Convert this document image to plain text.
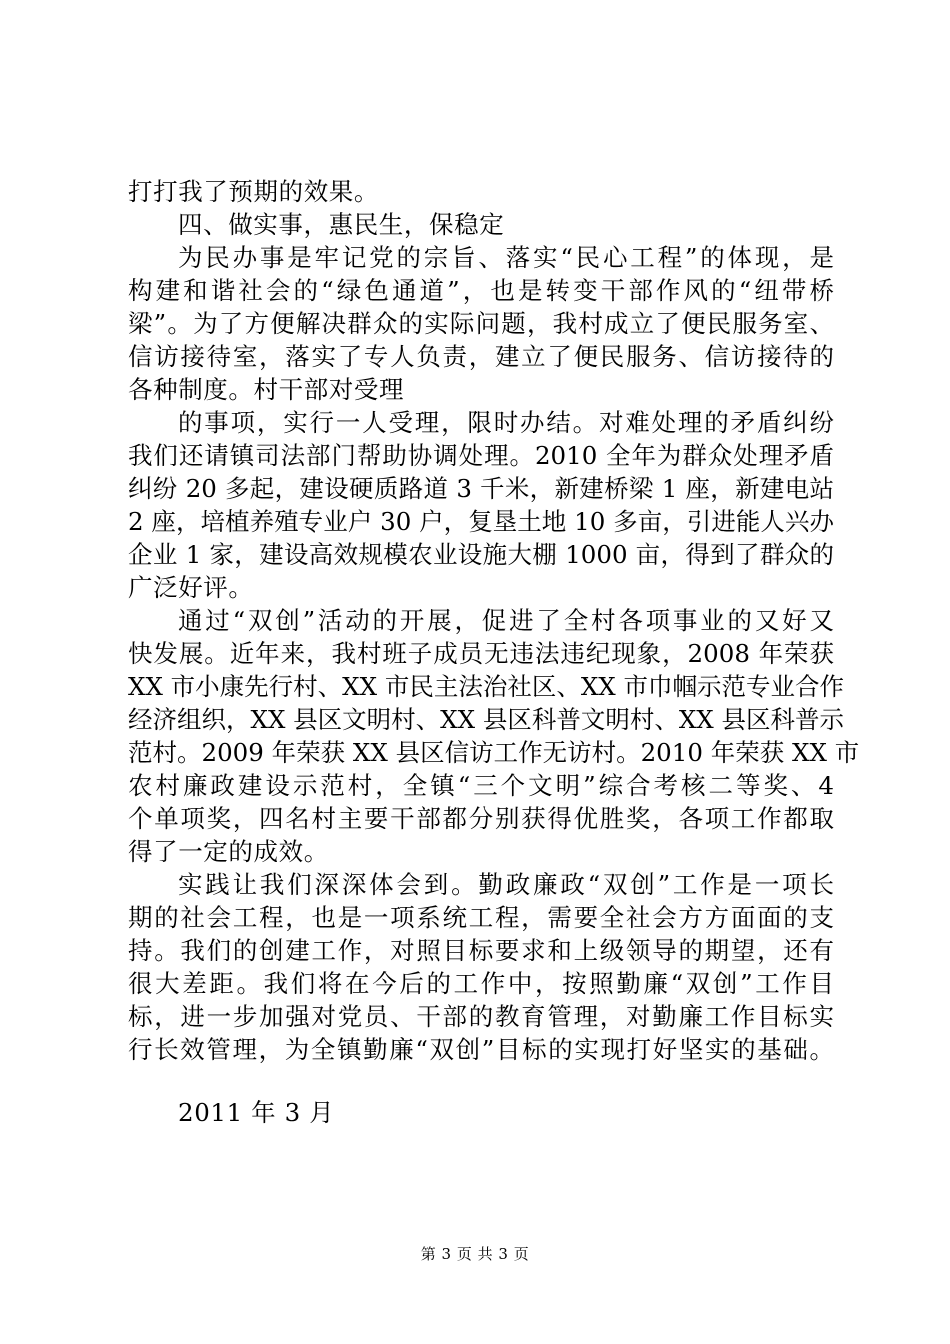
打打我了预期的效果。
四、做实事，惠民生，保稳定
为民办事是牢记党的宗旨、落实“民心工程”的体现，是
构建和谐社会的“绿色通道”，也是转变干部作风的“纽带桥
梁”。为了方便解决群众的实际问题，我村成立了便民服务室、
信访接待室，落实了专人负责，建立了便民服务、信访接待的
各种制度。村干部对受理
的事项，实行一人受理，限时办结。对难处理的矛盾纠纷
我们还请镇司法部门帮助协调处理。2010 全年为群众处理矛盾
纠纷 20 多起，建设硬质路道 3 千米，新建桥梁 1 座，新建电站
2 座，培植养殖专业户 30 户，复垦土地 10 多亩，引进能人兴办
企业 1 家，建设高效规模农业设施大棚 1000 亩，得到了群众的
广泛好评。
通过“双创”活动的开展，促进了全村各项事业的又好又
快发展。近年来，我村班子成员无违法违纪现象，2008 年荣获
XX 市小康先行村、XX 市民主法治社区、XX 市巾帼示范专业合作
经济组织，XX 县区文明村、XX 县区科普文明村、XX 县区科普示
范村。2009 年荣获 XX 县区信访工作无访村。2010 年荣获 XX 市
农村廉政建设示范村，全镇“三个文明”综合考核二等奖、4
个单项奖，四名村主要干部都分别获得优胜奖，各项工作都取
得了一定的成效。
实践让我们深深体会到。勤政廉政“双创”工作是一项长
期的社会工程，也是一项系统工程，需要全社会方方面面的支
持。我们的创建工作，对照目标要求和上级领导的期望，还有
很大差距。我们将在今后的工作中，按照勤廉“双创”工作目
标，进一步加强对党员、干部的教育管理，对勤廉工作目标实
行长效管理，为全镇勤廉“双创”目标的实现打好坚实的基础。
2011 年 3 月
第 3 页 共 3 页
